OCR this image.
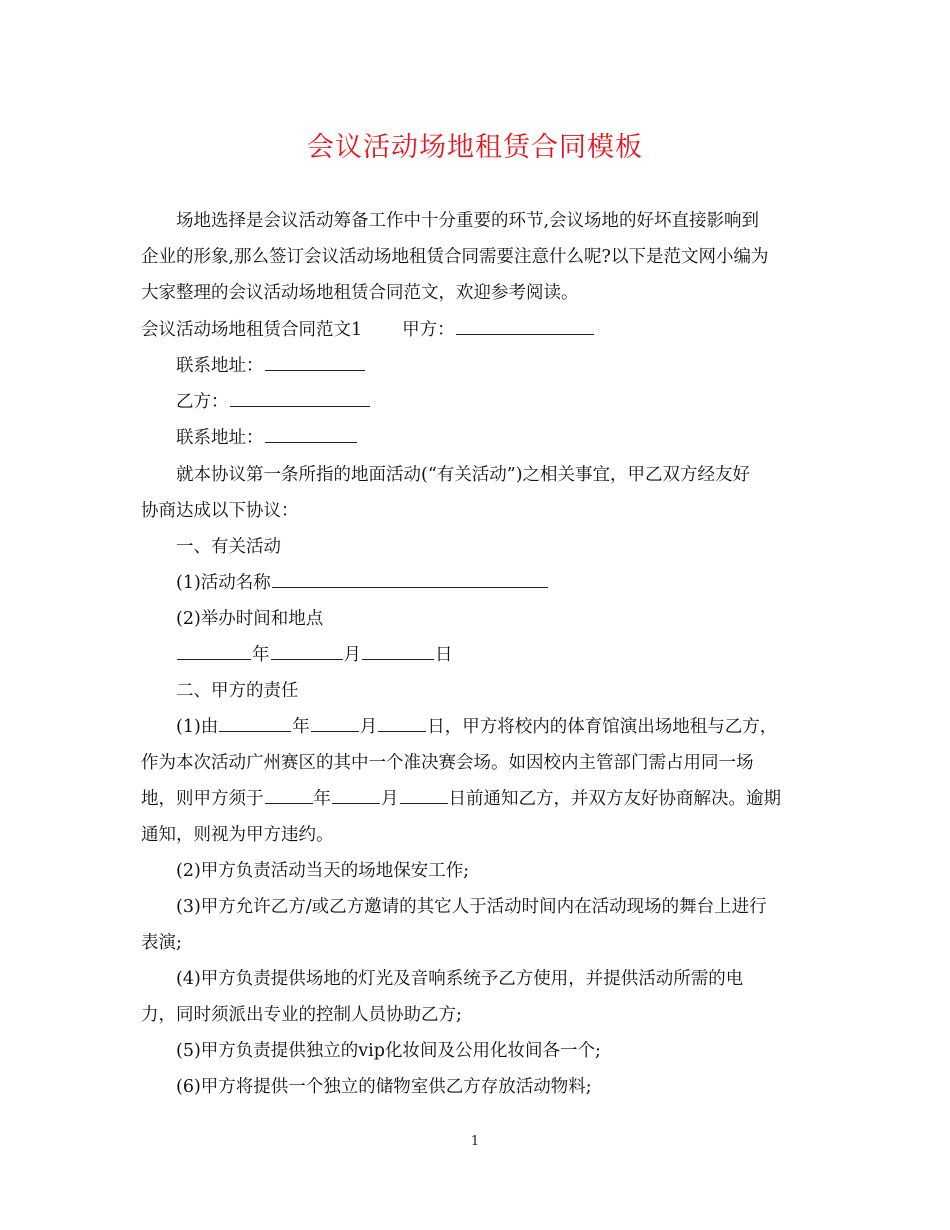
会议活动场地租赁合同模板
场地选择是会议活动筹备工作中十分重要的环节,会议场地的好坏直接影响到
企业的形象,那么签订会议活动场地租赁合同需要注意什么呢?以下是范文网小编为
大家整理的会议活动场地租赁合同范文，欢迎参考阅读。
会议活动场地租赁合同范文1 甲方：
联系地址：
乙方：
联系地址：
就本协议第一条所指的地面活动(“有关活动”)之相关事宜，甲乙双方经友好
协商达成以下协议：
一、有关活动
(1)活动名称
(2)举办时间和地点
年	月	日
二、甲方的责任
(1)由	年	月	日，甲方将校内的体育馆演出场地租与乙方，
作为本次活动广州赛区的其中一个准决赛会场。如因校内主管部门需占用同一场
地，则甲方须于	年	月	日前通知乙方，并双方友好协商解决。逾期
通知，则视为甲方违约。
(2)甲方负责活动当天的场地保安工作;
(3)甲方允许乙方/或乙方邀请的其它人于活动时间内在活动现场的舞台上进行
表演;
(4)甲方负责提供场地的灯光及音响系统予乙方使用，并提供活动所需的电
力，同时须派出专业的控制人员协助乙方;
(5)甲方负责提供独立的vip化妆间及公用化妆间各一个;
(6)甲方将提供一个独立的储物室供乙方存放活动物料;
1
